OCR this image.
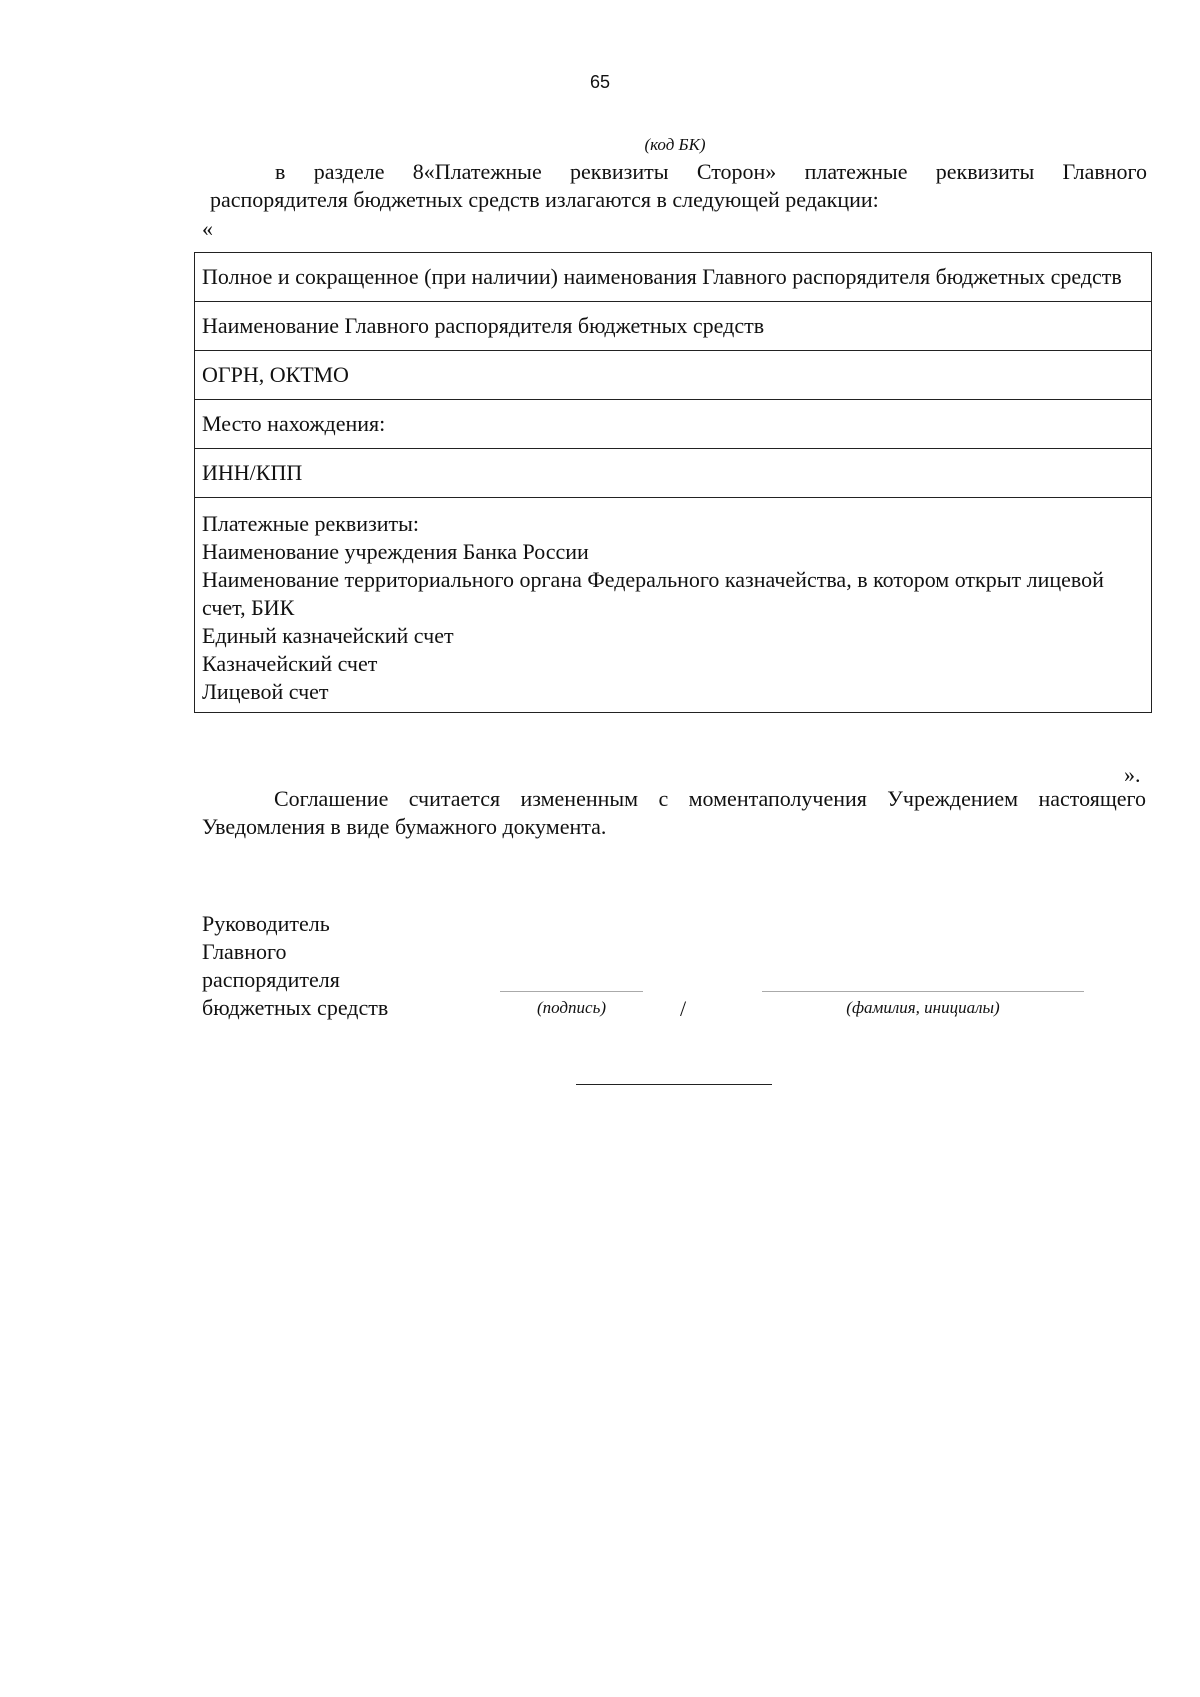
65
(код БК)

в разделе 8«Платежные реквизиты Сторон» платежные реквизиты Главного

распорядителя бюджетных средств излагаются в следующей редакции:

«
Полное и сокращенное (при наличии) наименования Главного распорядителя бюджетных средств
Наименование Главного распорядителя бюджетных средств
ОГРН, ОКТМО
Место нахождения:
ИНН/КПП

Платежные реквизиты:
Наименование учреждения Банка России
Наименование территориального органа Федерального казначейства, в котором открыт лицевой счет, БИК
Единый казначейский счет
Казначейский счет
Лицевой счет
».

Соглашение считается измененным с моментаполучения Учреждением настоящего

Уведомления в виде бумажного документа.

Руководитель
Главного
распорядителя
бюджетных средств	(подпись)	/	(фамилия, инициалы)
